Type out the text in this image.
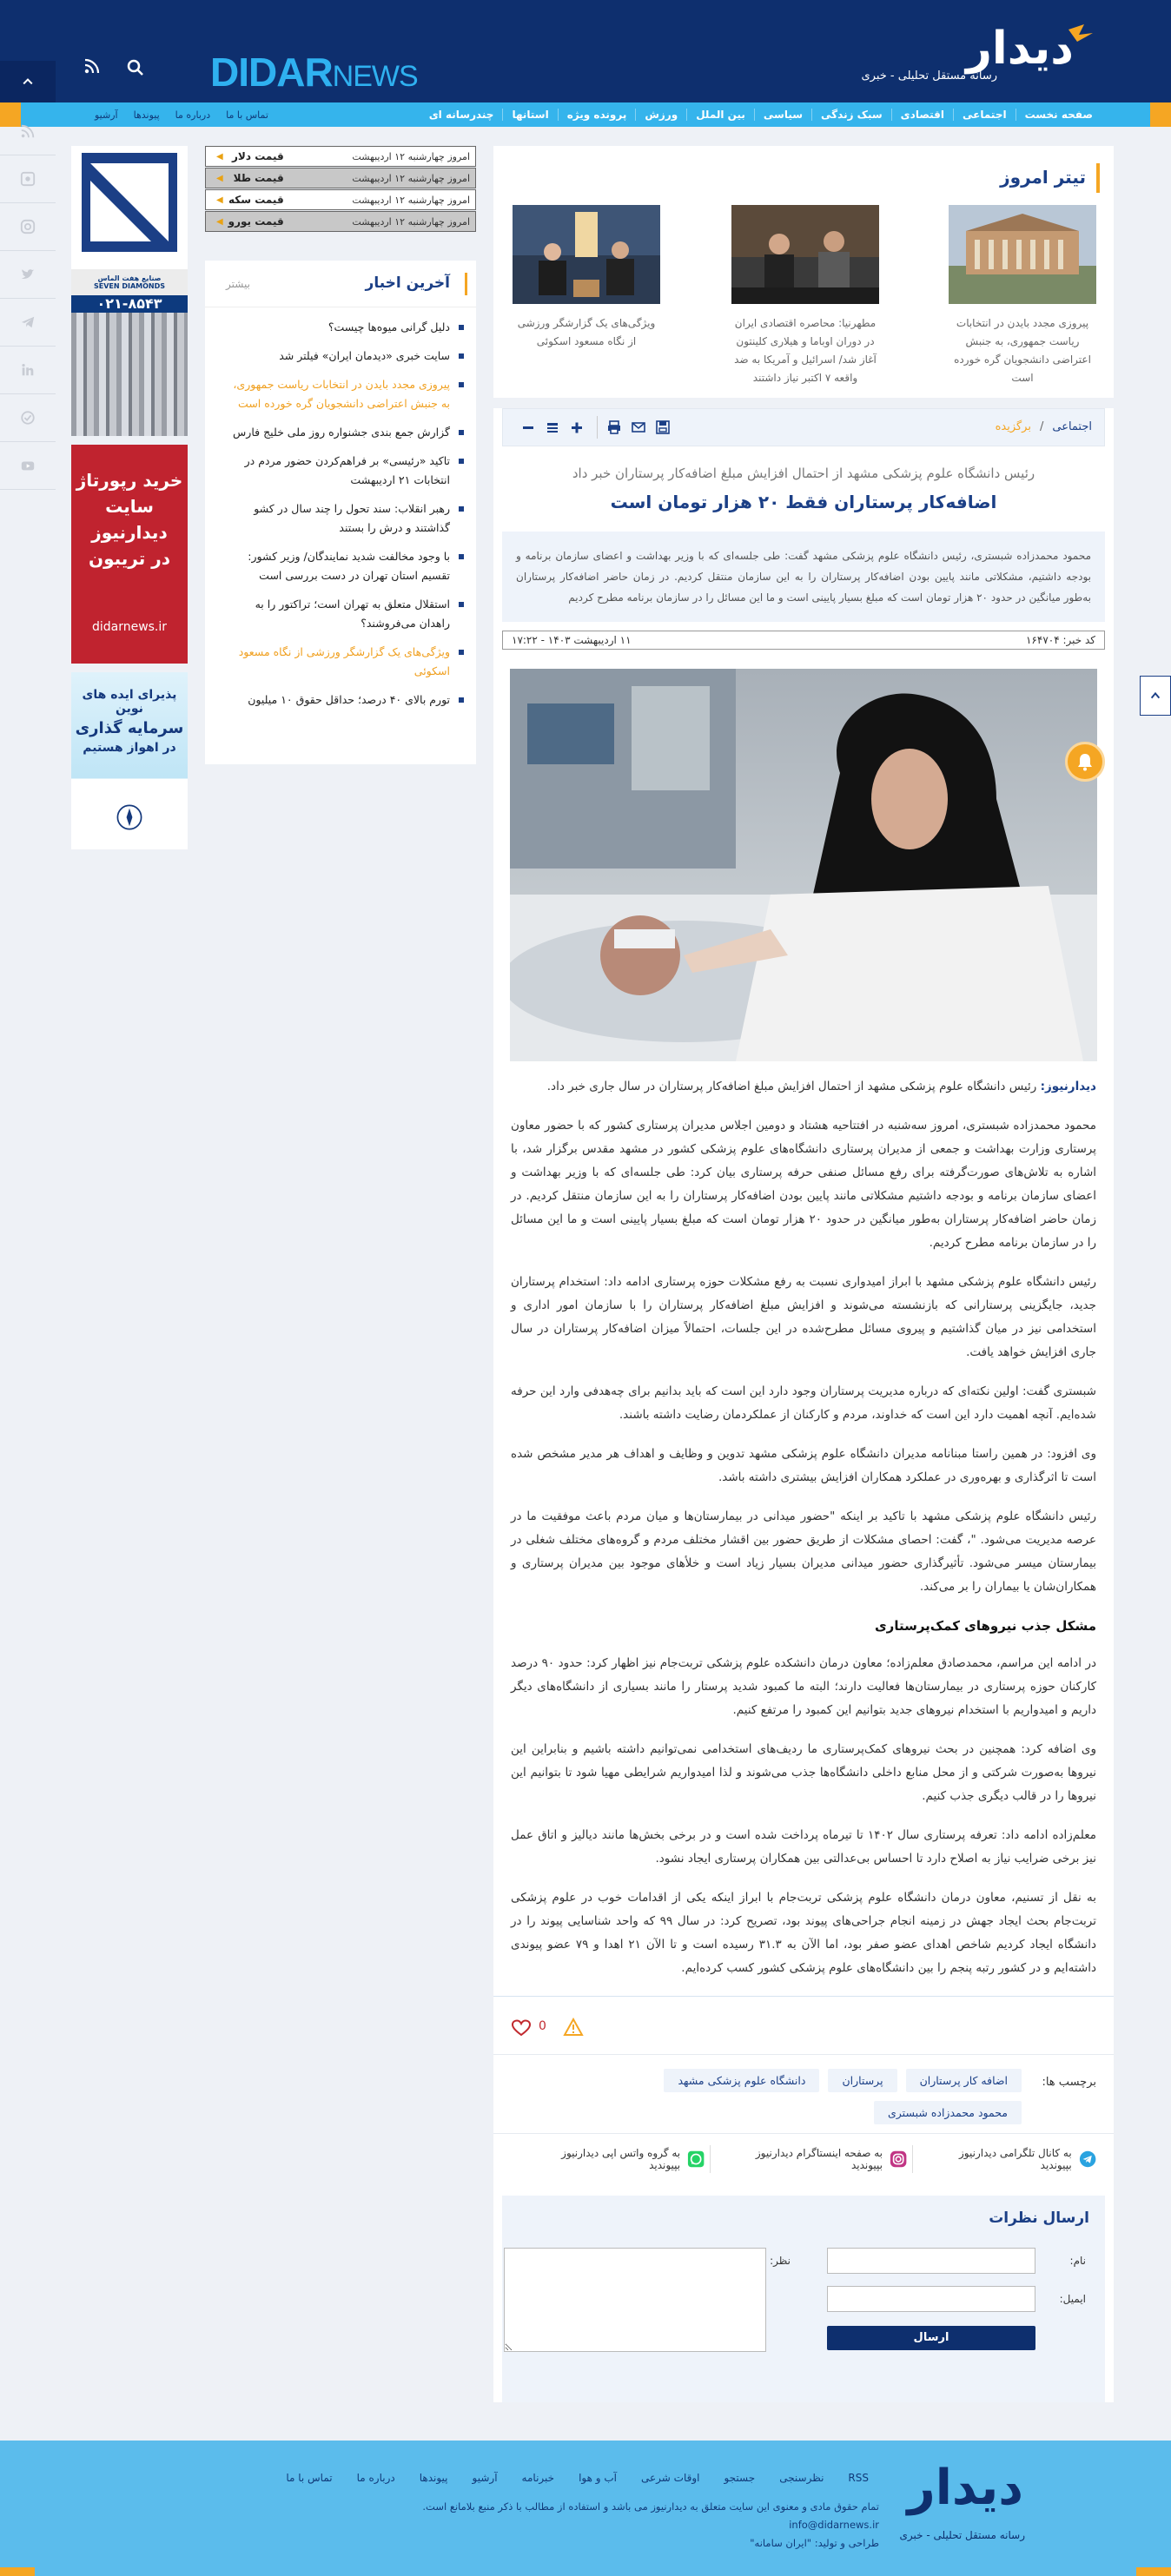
دیدار
رسانه مستقل تحلیلی - خبری
DIDARNEWS
صفحه نخست
اجتماعی
اقتصادی
سبک زندگی
سیاسی
بین الملل
ورزش
پرونده ویژه
استانها
چندرسانه ای
تماس با ما
درباره ما
پیوندها
آرشیو
صنایع هفت الماس
SEVEN DIAMONDS
۰۲۱-۸۵۴۳
خرید رپورتاژ
سایت دیدارنیوز
در تریبون
didarnews.ir
پذیرای ایده های نوین
سرمایه گذاری
در اهواز هستیم
◀ قیمت دلار	امروز چهارشنبه ۱۲ اردیبهشت
◀ قیمت طلا	امروز چهارشنبه ۱۲ اردیبهشت
◀ قیمت سکه	امروز چهارشنبه ۱۲ اردیبهشت
◀ قیمت یورو	امروز چهارشنبه ۱۲ اردیبهشت
آخرین اخبار
بیشتر
دلیل گرانی میوه‌ها چیست؟
سایت خبری «دیدمان ایران» فیلتر شد
پیروزی مجدد بایدن در انتخابات ریاست جمهوری، به جنبش اعتراضی دانشجویان گره خورده است
گزارش جمع بندی جشنواره روز ملی خلیج فارس
تاکید «رئیسی» بر فراهم‌کردن حضور مردم در انتخابات ۲۱ اردیبهشت
رهبر انقلاب: سند تحول را چند سال در کشو گذاشتند و درش را بستند
با وجود مخالفت شدید نمایندگان/ وزیر کشور: تقسیم استان تهران در دست بررسی است
استقلال متعلق به تهران است؛ تراکتور را به راهدان می‌فروشند؟
ویژگی‌های یک گزارشگر ورزشی از نگاه مسعود اسکوئی
تورم بالای ۴۰ درصد؛ حداقل حقوق ۱۰ میلیون
تیتر امروز
پیروزی مجدد بایدن در انتخابات ریاست جمهوری، به جنبش اعتراضی دانشجویان گره خورده است
مطهرنیا: محاصره اقتصادی ایران در دوران اوباما و هیلاری کلینتون آغاز شد/ اسرائیل و آمریکا به ضد واقعه ۷ اکتبر نیاز داشتند
ویژگی‌های یک گزارشگر ورزشی از نگاه مسعود اسکوئی
اجتماعی/برگزیده
رئیس دانشگاه علوم پزشکی مشهد از احتمال افزایش مبلغ اضافه‌کار پرستاران خبر داد
اضافه‌کار پرستاران فقط ۲۰ هزار تومان است
محمود محمدزاده شبستری، رئیس دانشگاه علوم پزشکی مشهد گفت: طی جلسه‌ای که با وزیر بهداشت و اعضای سازمان برنامه و بودجه داشتیم، مشکلاتی مانند پایین بودن اضافه‌کار پرستاران را به این سازمان منتقل کردیم. در زمان حاضر اضافه‌کار پرستاران به‌طور میانگین در حدود ۲۰ هزار تومان است که مبلغ بسیار پایینی است و ما این مسائل را در سازمان برنامه مطرح کردیم
کد خبر: ۱۶۴۷۰۴
۱۱ اردیبهشت ۱۴۰۳ - ۱۷:۲۲

دیدارنیوز: رئیس دانشگاه علوم پزشکی مشهد از احتمال افزایش مبلغ اضافه‌کار پرستاران در سال جاری خبر داد.

محمود محمدزاده شبستری، امروز سه‌شنبه در افتتاحیه هشتاد و دومین اجلاس مدیران پرستاری کشور که با حضور معاون پرستاری وزارت بهداشت و جمعی از مدیران پرستاری دانشگاه‌های علوم پزشکی کشور در مشهد مقدس برگزار شد، با اشاره به تلاش‌های صورت‌گرفته برای رفع مسائل صنفی حرفه پرستاری بیان کرد: طی جلسه‌ای که با وزیر بهداشت و اعضای سازمان برنامه و بودجه داشتیم مشکلاتی مانند پایین بودن اضافه‌کار پرستاران را به این سازمان منتقل کردیم. در زمان حاضر اضافه‌کار پرستاران به‌طور میانگین در حدود ۲۰ هزار تومان است که مبلغ بسیار پایینی است و ما این مسائل را در سازمان برنامه مطرح کردیم.

رئیس دانشگاه علوم پزشکی مشهد با ابراز امیدواری نسبت به رفع مشکلات حوزه پرستاری ادامه داد: استخدام پرستاران جدید، جایگزینی پرستارانی که بازنشسته می‌شوند و افزایش مبلغ اضافه‌کار پرستاران را با سازمان امور اداری و استخدامی نیز در میان گذاشتیم و پیروی مسائل مطرح‌شده در این جلسات، احتمالاً میزان اضافه‌کار پرستاران در سال جاری افزایش خواهد یافت.

شبستری گفت: اولین نکته‌ای که درباره مدیریت پرستاران وجود دارد این است که باید بدانیم برای چه‌هدفی وارد این حرفه شده‌ایم. آنچه اهمیت دارد این است که خداوند، مردم و کارکنان از عملکردمان رضایت داشته باشند.

وی افزود: در همین راستا مبنا‌نامه مدیران دانشگاه علوم پزشکی مشهد تدوین و وظایف و اهداف هر مدیر مشخص شده است تا اثرگذاری و بهره‌وری در عملکرد همکاران افزایش بیشتری داشته باشد.

رئیس دانشگاه علوم پزشکی مشهد با تاکید بر اینکه "حضور میدانی در بیمارستان‌ها و میان مردم باعث موفقیت ما در عرصه مدیریت می‌شود. "، گفت: احصای مشکلات از طریق حضور بین اقشار مختلف مردم و گروه‌های مختلف شغلی در بیمارستان میسر می‌شود. تأثیرگذاری حضور میدانی مدیران بسیار زیاد است و خلأهای موجود بین مدیران پرستاری و همکاران‌شان یا بیماران را بر می‌کند.

مشکل جذب نیروهای کمک‌پرستاری

در ادامه این مراسم، محمدصادق معلم‌زاده؛ معاون درمان دانشکده علوم پزشکی تربت‌جام نیز اظهار کرد: حدود ۹۰ درصد کارکنان حوزه پرستاری در بیمارستان‌ها فعالیت دارند؛ البته ما کمبود شدید پرستار را مانند بسیاری از دانشگاه‌های دیگر داریم و امیدواریم با استخدام نیروهای جدید بتوانیم این کمبود را مرتفع کنیم.

وی اضافه کرد: همچنین در بحث نیروهای کمک‌پرستاری ما ردیف‌های استخدامی نمی‌توانیم داشته باشیم و بنابراین این نیروها به‌صورت شرکتی و از محل منابع داخلی دانشگاه‌ها جذب می‌شوند و لذا امیدواریم شرایطی مهیا شود تا بتوانیم این نیروها را در قالب دیگری جذب کنیم.

معلم‌زاده ادامه داد: تعرفه پرستاری سال ۱۴۰۲ تا تیرماه پرداخت شده است و در برخی بخش‌ها مانند دیالیز و اتاق عمل نیز برخی ضرایب نیاز به اصلاح دارد تا احساس بی‌عدالتی بین همکاران پرستاری ایجاد نشود.

به نقل از تسنیم، معاون درمان دانشگاه علوم پزشکی تربت‌جام با ابراز اینکه یکی از اقدامات خوب در علوم پزشکی تربت‌جام بحث ایجاد جهش در زمینه انجام جراحی‌های پیوند بود، تصریح کرد: در سال ۹۹ که واحد شناسایی پیوند را در دانشگاه ایجاد کردیم شاخص اهدای عضو صفر بود، اما الآن به ۳۱.۳ رسیده است و تا الآن ۲۱ اهدا و ۷۹ عضو پیوندی داشته‌ایم و در کشور رتبه پنجم را بین دانشگاه‌های علوم پزشکی کشور کسب کرده‌ایم.

0
برچسب ها:
اضافه کار پرستاران
پرستاران
دانشگاه علوم پزشکی مشهد
محمود محمدزاده شبستری
به کانال تلگرامی دیدارنیوز بپیوندید
به صفحه اینستاگرام دیدارنیوز بپیوندید
به گروه واتس اپی دیدارنیوز بپیوندید
ارسال نظرات
نام:
ایمیل:
نظر:
ارسال
دیدار
رسانه مستقل تحلیلی - خبری
تماس با ما	درباره ما	پیوندها	آرشیو	خبرنامه	آب و هوا	اوقات شرعی	جستجو	نظرسنجی	RSS
تمام حقوق مادی و معنوی این سایت متعلق به دیدارنیوز می باشد و استفاده از مطالب با ذکر منبع بلامانع است.
info@didarnews.ir
طراحی و تولید: "ایران سامانه"
